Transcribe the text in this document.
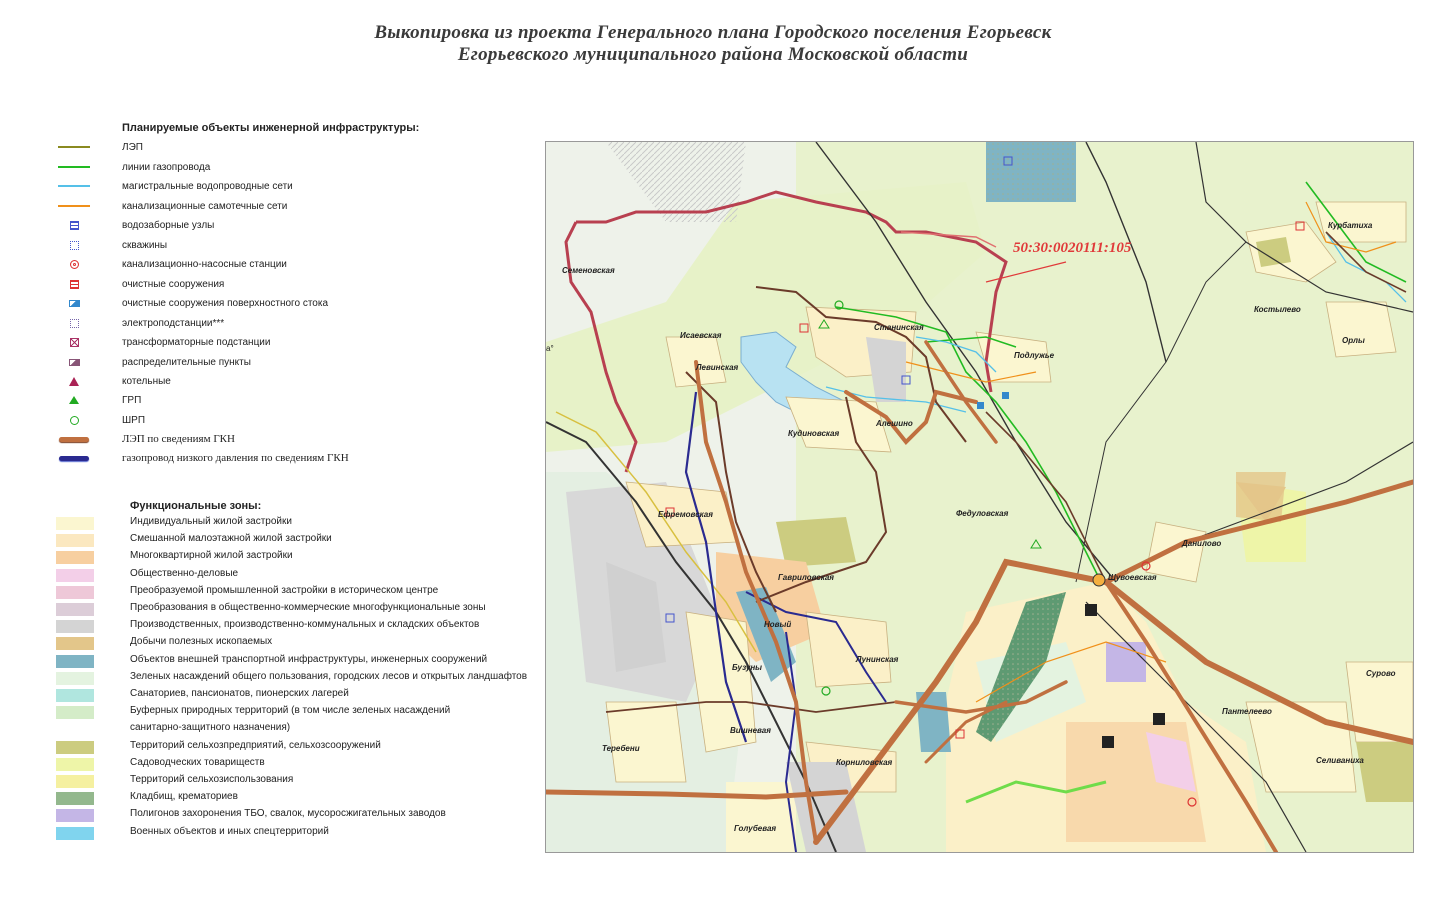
Выкопировка из проекта Генерального плана Городского поселения Егорьевск
Егорьевского муниципального района Московской области
Планируемые объекты инженерной инфраструктуры:
ЛЭП
линии газопровода
магистральные водопроводные сети
канализационные самотечные сети
водозаборные узлы
скважины
канализационно-насосные станции
очистные сооружения
очистные сооружения поверхностного стока
электроподстанции***
трансформаторные подстанции
распределительные пункты
котельные
ГРП
ШРП
ЛЭП по сведениям ГКН
газопровод низкого давления по сведениям ГКН
Функциональные зоны:
Индивидуальный жилой застройки
Смешанной малоэтажной жилой застройки
Многоквартирной жилой застройки
Общественно-деловые
Преобразуемой промышленной застройки в историческом центре
Преобразования в общественно-коммерческие многофункциональные зоны
Производственных, производственно-коммунальных и складских объектов
Добычи полезных ископаемых
Объектов внешней транспортной инфраструктуры, инженерных сооружений
Зеленых насаждений общего пользования, городских лесов и открытых ландшафтов
Санаториев, пансионатов, пионерских лагерей
Буферных природных территорий (в том числе зеленых насаждений
санитарно-защитного назначения)
Территорий сельхозпредприятий, сельхозсооружений
Садоводческих товариществ
Территорий сельхозиспользования
Кладбищ, крематориев
Полигонов захоронения ТБО, свалок, мусоросжигательных заводов
Военных объектов и иных спецтерриторий
50:30:0020111:105
Семеновская
Исаевская
Левинская
Станинская
Подлужье
Кудиновская
Алешино
Ефремовская	Федуловская
Гавриловская
Новый
Бузуны
Лунинская
Вишневая
Теребени
Корниловская
Голубевая
Шувоевская
Данилово
Курбатиха
Костылево
Орлы
Сурово
Пантелеево
Селиваниха
а°
